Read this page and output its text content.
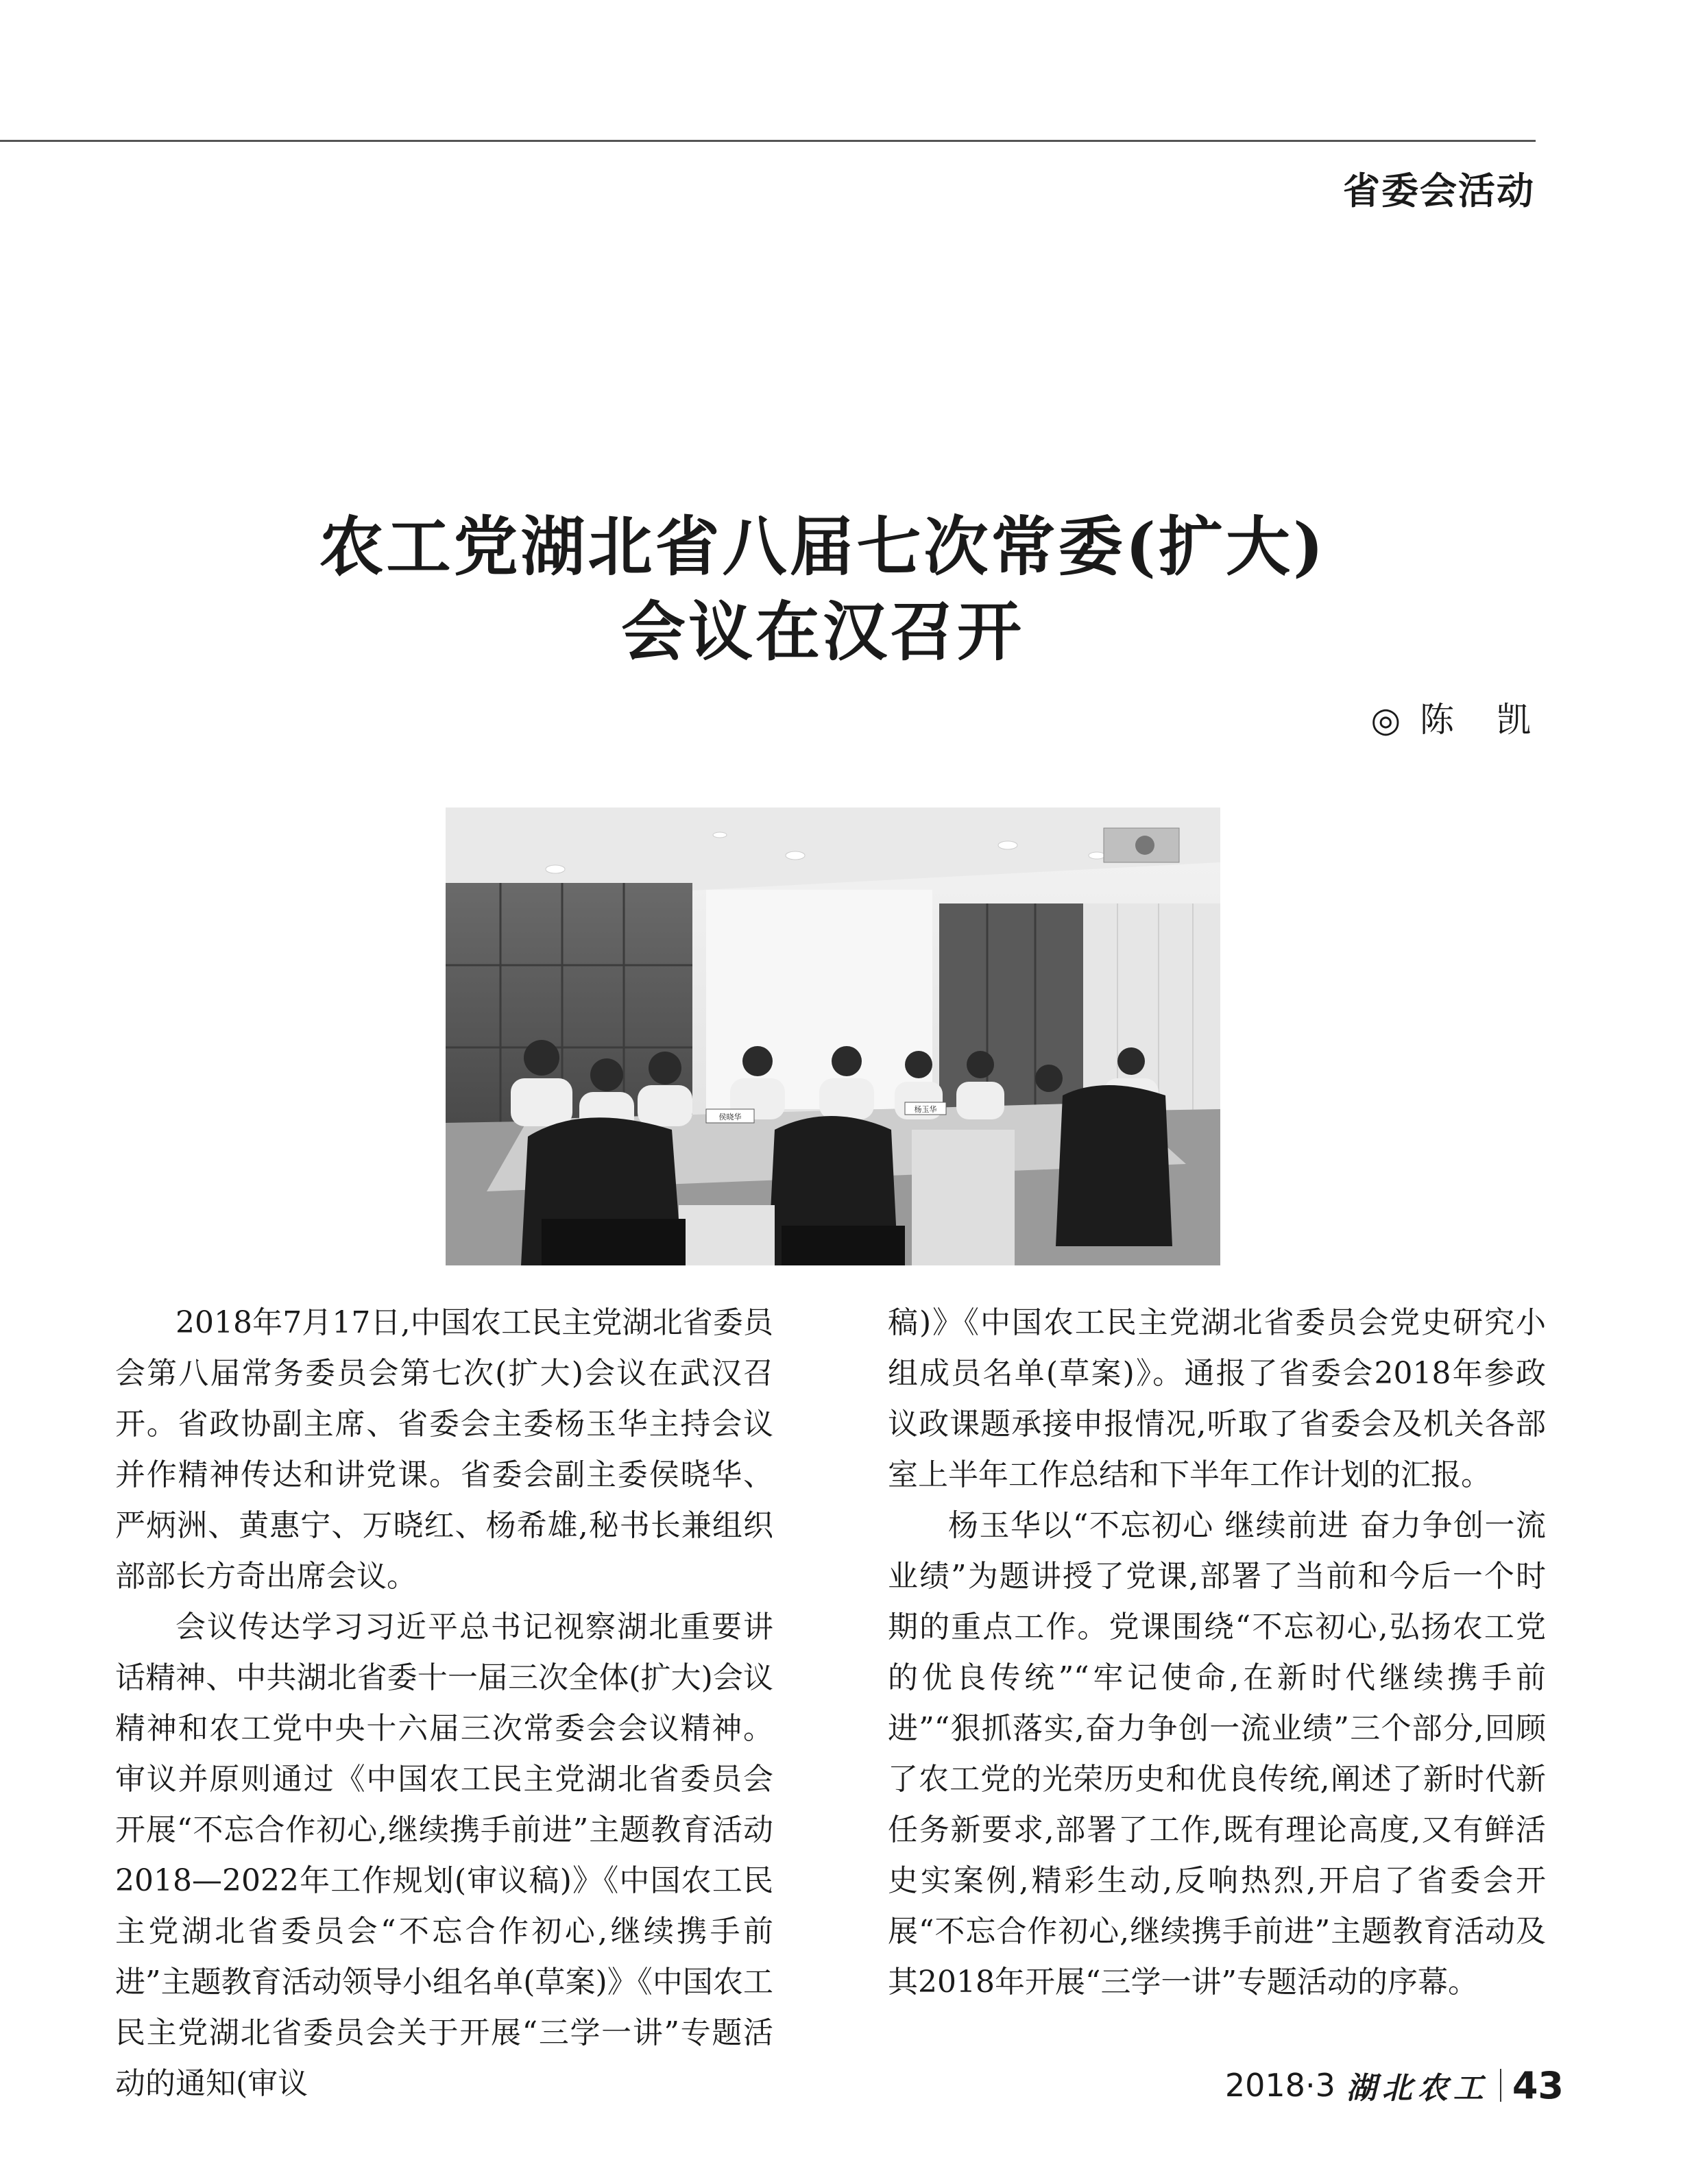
省委会活动
农工党湖北省八届七次常委(扩大)
会议在汉召开
◎ 陈　凯
侯晓华
杨玉华

2018年7月17日,中国农工民主党湖北省委员会第八届常务委员会第七次(扩大)会议在武汉召开。省政协副主席、省委会主委杨玉华主持会议并作精神传达和讲党课。省委会副主委侯晓华、严炳洲、黄惠宁、万晓红、杨希雄,秘书长兼组织部部长方奇出席会议。

会议传达学习习近平总书记视察湖北重要讲话精神、中共湖北省委十一届三次全体(扩大)会议精神和农工党中央十六届三次常委会会议精神。审议并原则通过《中国农工民主党湖北省委员会开展“不忘合作初心,继续携手前进”主题教育活动2018—2022年工作规划(审议稿)》《中国农工民主党湖北省委员会“不忘合作初心,继续携手前进”主题教育活动领导小组名单(草案)》《中国农工民主党湖北省委员会关于开展“三学一讲”专题活动的通知(审议

稿)》《中国农工民主党湖北省委员会党史研究小组成员名单(草案)》。通报了省委会2018年参政议政课题承接申报情况,听取了省委会及机关各部室上半年工作总结和下半年工作计划的汇报。

杨玉华以“不忘初心 继续前进 奋力争创一流业绩”为题讲授了党课,部署了当前和今后一个时期的重点工作。党课围绕“不忘初心,弘扬农工党的优良传统”“牢记使命,在新时代继续携手前进”“狠抓落实,奋力争创一流业绩”三个部分,回顾了农工党的光荣历史和优良传统,阐述了新时代新任务新要求,部署了工作,既有理论高度,又有鲜活史实案例,精彩生动,反响热烈,开启了省委会开展“不忘合作初心,继续携手前进”主题教育活动及其2018年开展“三学一讲”专题活动的序幕。

2018·3 湖北农工 43
